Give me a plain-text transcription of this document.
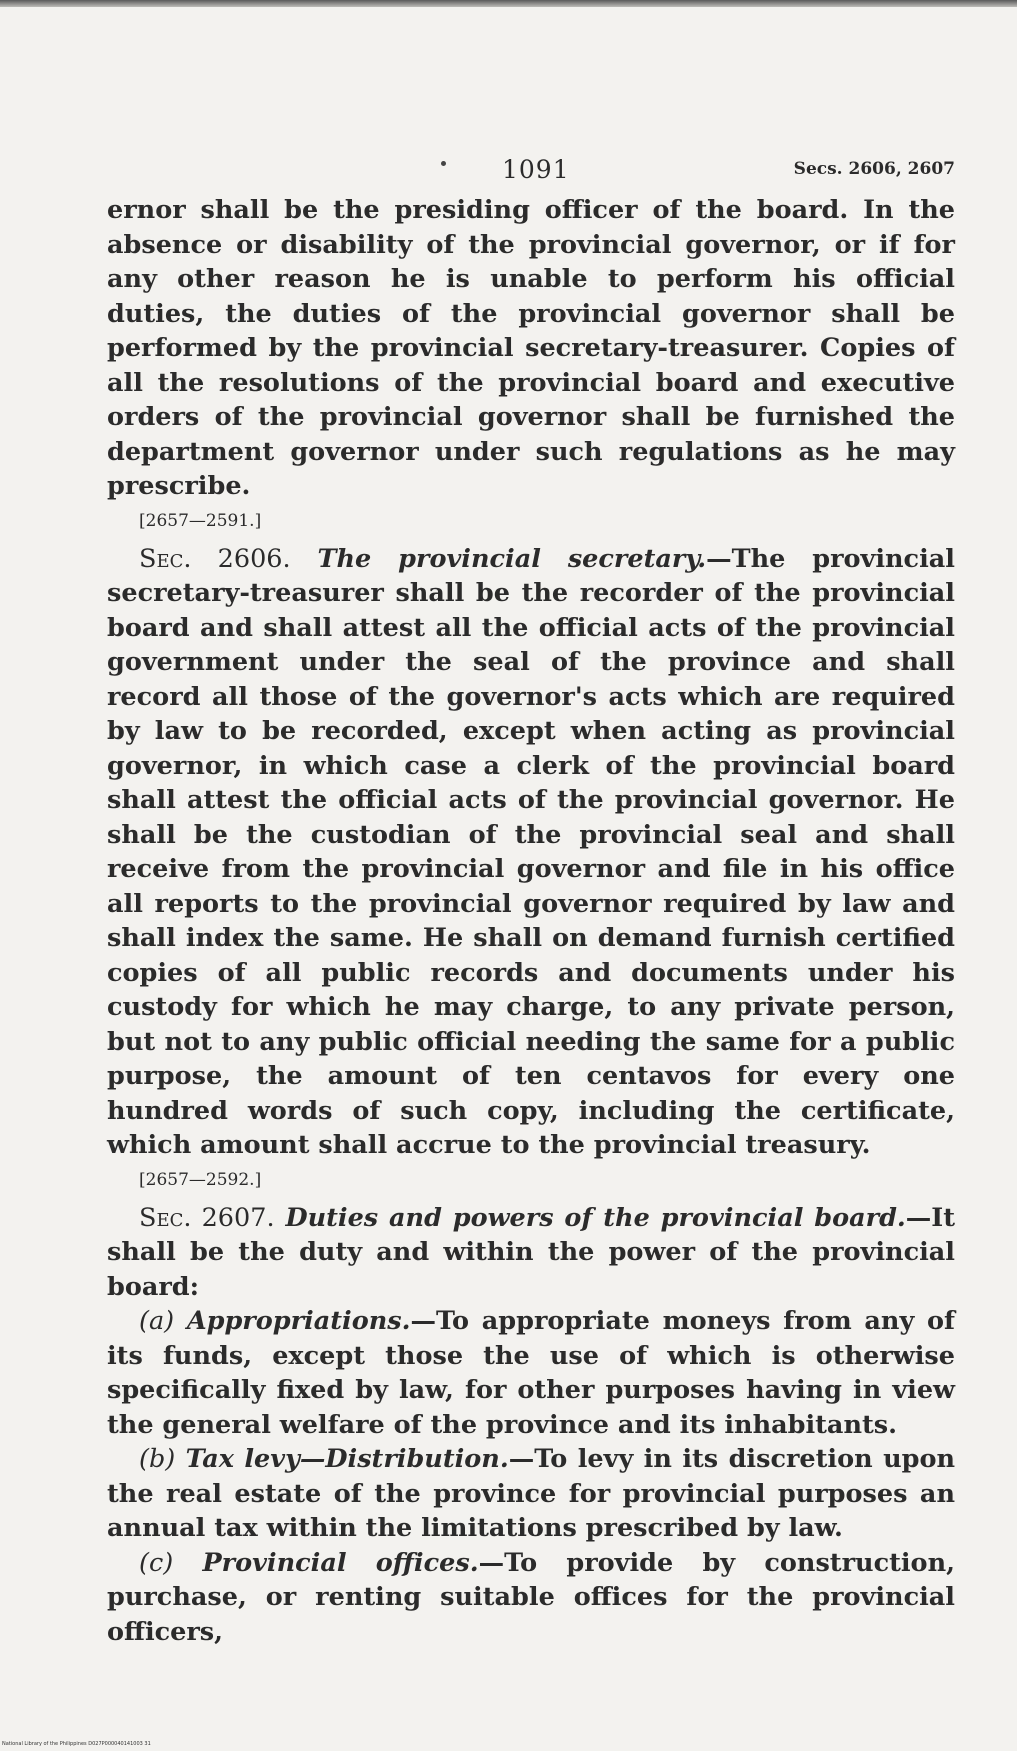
1091	Secs. 2606, 2607

ernor shall be the presiding officer of the board. In the absence or disability of the provincial governor, or if for any other reason he is unable to perform his official duties, the duties of the provincial governor shall be performed by the provincial secretary-treasurer. Copies of all the resolutions of the provincial board and executive orders of the provincial governor shall be furnished the department governor under such regulations as he may prescribe.

[2657—2591.]

Sec. 2606. The provincial secretary.—The provincial secretary-treasurer shall be the recorder of the provincial board and shall attest all the official acts of the provincial government under the seal of the province and shall record all those of the governor's acts which are required by law to be recorded, except when acting as provincial governor, in which case a clerk of the provincial board shall attest the official acts of the provincial governor. He shall be the custodian of the provincial seal and shall receive from the provincial governor and file in his office all reports to the provincial governor required by law and shall index the same. He shall on demand furnish certified copies of all public records and documents under his custody for which he may charge, to any private person, but not to any public official needing the same for a public purpose, the amount of ten centavos for every one hundred words of such copy, including the certificate, which amount shall accrue to the provincial treasury.

[2657—2592.]

Sec. 2607. Duties and powers of the provincial board.—It shall be the duty and within the power of the provincial board:

(a) Appropriations.—To appropriate moneys from any of its funds, except those the use of which is otherwise specifically fixed by law, for other purposes having in view the general welfare of the province and its inhabitants.

(b) Tax levy—Distribution.—To levy in its discretion upon the real estate of the province for provincial purposes an annual tax within the limitations prescribed by law.

(c) Provincial offices.—To provide by construction, purchase, or renting suitable offices for the provincial officers,

National Library of the Philippines D027P000040141003 31
